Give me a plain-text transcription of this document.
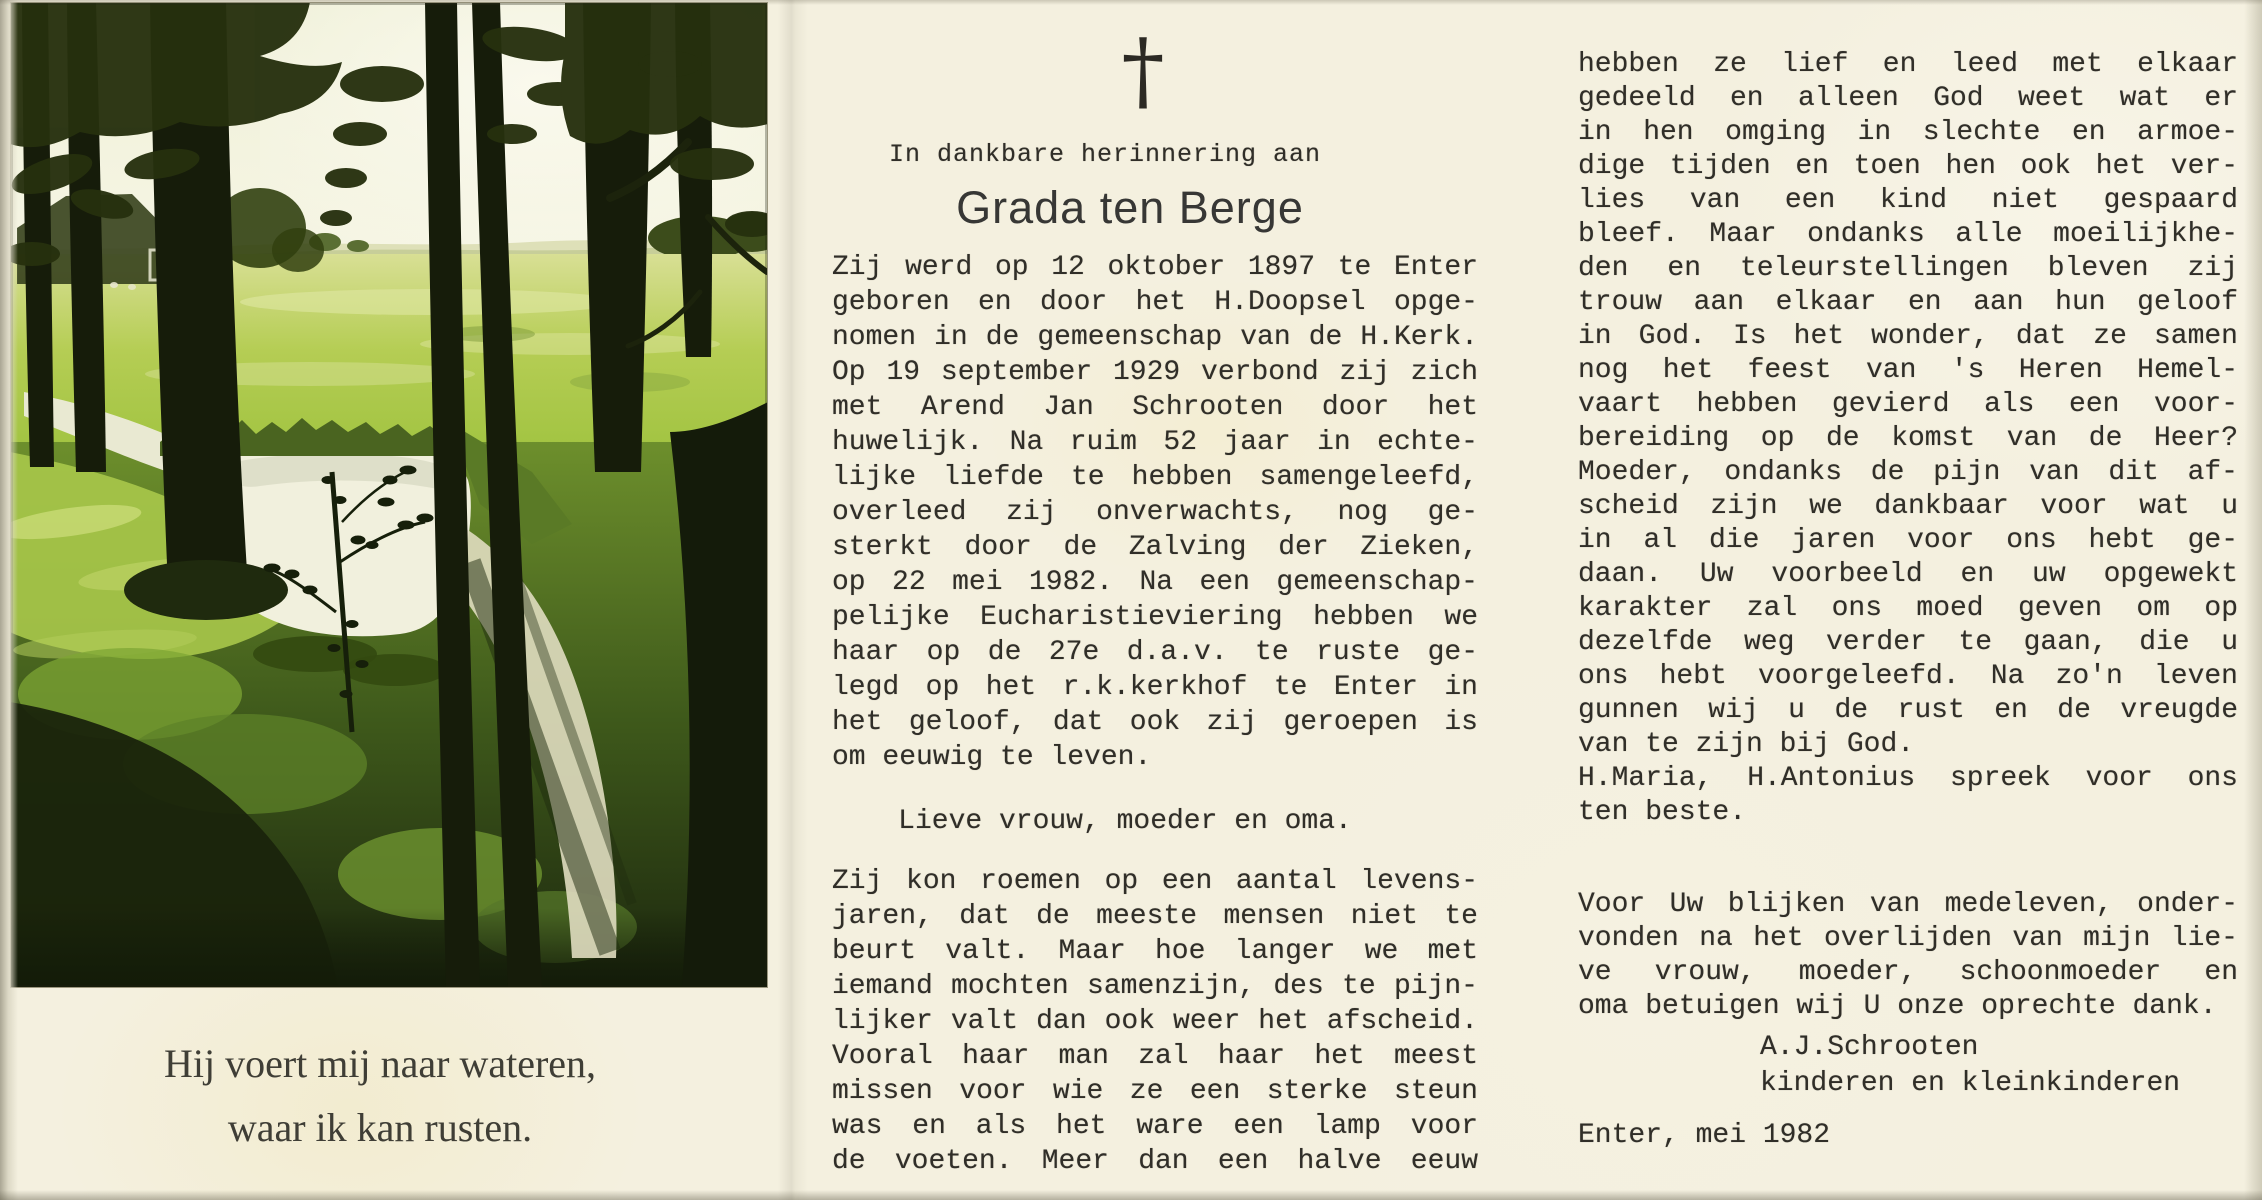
Hij voert mij naar wateren,
waar ik kan rusten.
†
In dankbare herinnering aan
Grada ten Berge
Zij werd op 12 oktober 1897 te Enter
geboren en door het H.Doopsel opge-
nomen in de gemeenschap van de H.Kerk.
Op 19 september 1929 verbond zij zich
met Arend Jan Schrooten door het
huwelijk. Na ruim 52 jaar in echte-
lijke liefde te hebben samengeleefd,
overleed zij onverwachts, nog ge-
sterkt door de Zalving der Zieken,
op 22 mei 1982. Na een gemeenschap-
pelijke Eucharistieviering hebben we
haar op de 27e d.a.v. te ruste ge-
legd op het r.k.kerkhof te Enter in
het geloof, dat ook zij geroepen is
om eeuwig te leven.
Lieve vrouw, moeder en oma.
Zij kon roemen op een aantal levens-
jaren, dat de meeste mensen niet te
beurt valt. Maar hoe langer we met
iemand mochten samenzijn, des te pijn-
lijker valt dan ook weer het afscheid.
Vooral haar man zal haar het meest
missen voor wie ze een sterke steun
was en als het ware een lamp voor
de voeten. Meer dan een halve eeuw
hebben ze lief en leed met elkaar
gedeeld en alleen God weet wat er
in hen omging in slechte en armoe-
dige tijden en toen hen ook het ver-
lies van een kind niet gespaard
bleef. Maar ondanks alle moeilijkhe-
den en teleurstellingen bleven zij
trouw aan elkaar en aan hun geloof
in God. Is het wonder, dat ze samen
nog het feest van 's Heren Hemel-
vaart hebben gevierd als een voor-
bereiding op de komst van de Heer?
Moeder, ondanks de pijn van dit af-
scheid zijn we dankbaar voor wat u
in al die jaren voor ons hebt ge-
daan. Uw voorbeeld en uw opgewekt
karakter zal ons moed geven om op
dezelfde weg verder te gaan, die u
ons hebt voorgeleefd. Na zo'n leven
gunnen wij u de rust en de vreugde
van te zijn bij God.
H.Maria, H.Antonius spreek voor ons
ten beste.
Voor Uw blijken van medeleven, onder-
vonden na het overlijden van mijn lie-
ve vrouw, moeder, schoonmoeder en
oma betuigen wij U onze oprechte dank.
A.J.Schrooten
kinderen en kleinkinderen
Enter, mei 1982
